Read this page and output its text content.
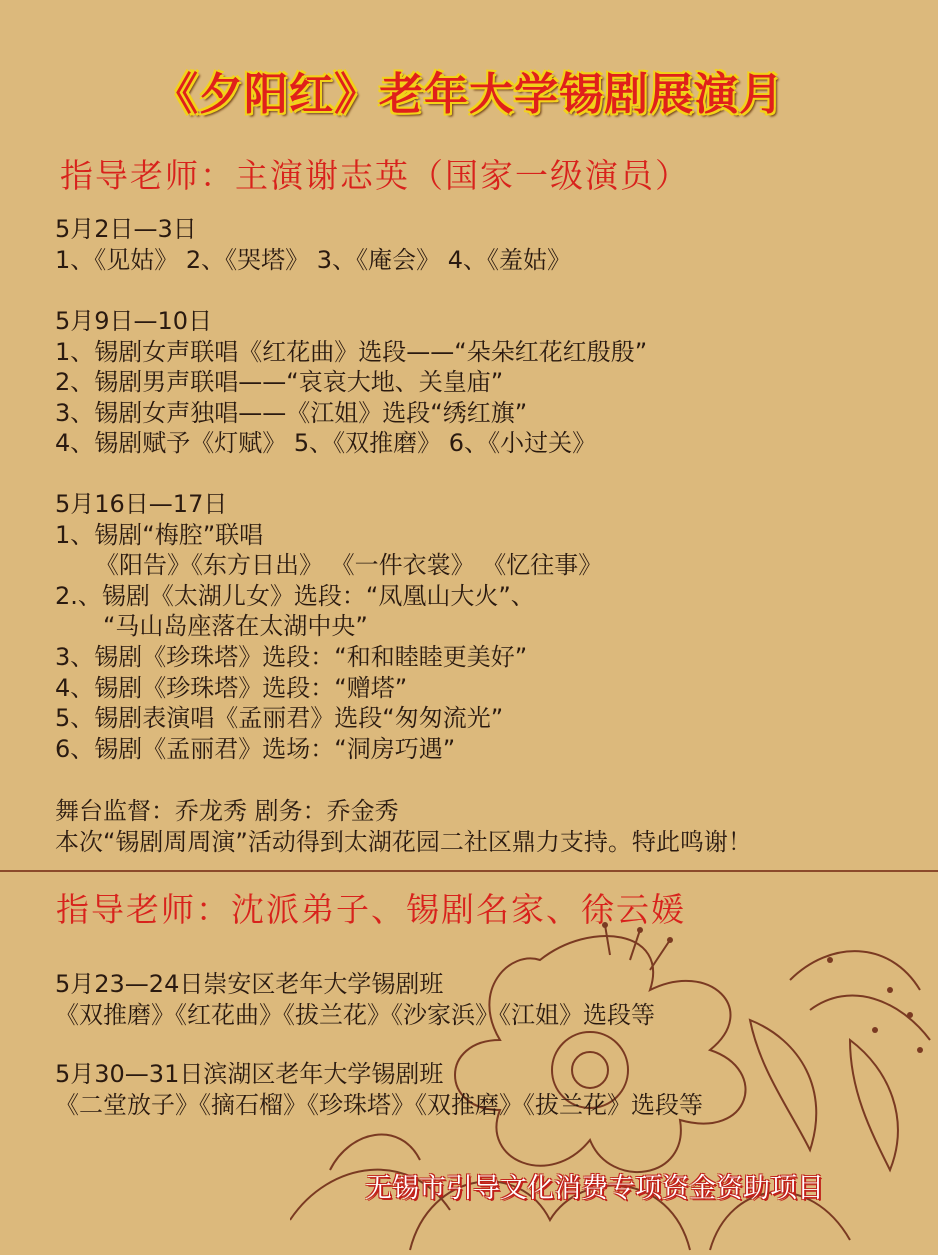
《夕阳红》老年大学锡剧展演月
指导老师：主演谢志英（国家一级演员）
5月2日—3日
1、《见姑》 2、《哭塔》 3、《庵会》 4、《羞姑》
5月9日—10日
1、锡剧女声联唱《红花曲》选段——“朵朵红花红殷殷”
2、锡剧男声联唱——“哀哀大地、关皇庙”
3、锡剧女声独唱——《江姐》选段“绣红旗”
4、锡剧赋予《灯赋》 5、《双推磨》 6、《小过关》
5月16日—17日
1、锡剧“梅腔”联唱
《阳告》《东方日出》 《一件衣裳》 《忆往事》
2.、锡剧《太湖儿女》选段：“凤凰山大火”、
“马山岛座落在太湖中央”
3、锡剧《珍珠塔》选段：“和和睦睦更美好”
4、锡剧《珍珠塔》选段：“赠塔”
5、锡剧表演唱《孟丽君》选段“匆匆流光”
6、锡剧《孟丽君》选场：“洞房巧遇”
舞台监督：乔龙秀 剧务：乔金秀
本次“锡剧周周演”活动得到太湖花园二社区鼎力支持。特此鸣谢！
指导老师：沈派弟子、锡剧名家、徐云媛
5月23—24日崇安区老年大学锡剧班
《双推磨》《红花曲》《拔兰花》《沙家浜》《江姐》选段等
5月30—31日滨湖区老年大学锡剧班
《二堂放子》《摘石榴》《珍珠塔》《双推磨》《拔兰花》选段等
无锡市引导文化消费专项资金资助项目
